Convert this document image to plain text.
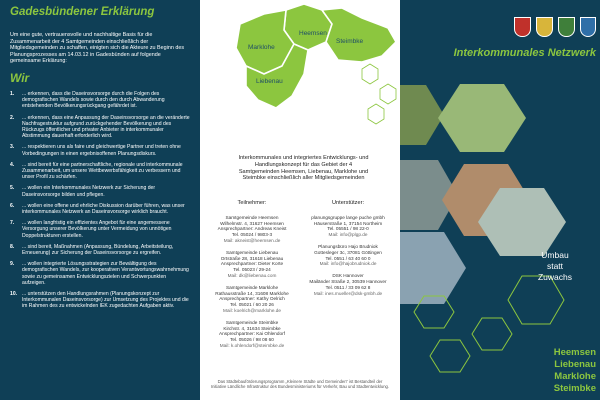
Gadesbündener Erklärung

Um eine gute, vertrauensvolle und nachhaltige Basis für die Zusammenarbeit der 4 Samtgemeinden einschließlich der Mitgliedsgemeinden zu schaffen, einigten sich die Akteure zu Beginn des Planungsprozesses am 14.03.12 in Gadesbünden auf folgende gemeinsame Erklärung:

Wir
1.	... erkennen, dass die Daseinsvorsorge durch die Folgen des demografischen Wandels sowie durch den durch Abwanderung entstehenden Bevölkerungsrückgang gefährdet ist.
2.	... erkennen, dass eine Anpassung der Daseinsvorsorge an die veränderte Nachfragestruktur aufgrund zurückgehender Bevölkerung und des Rückzugs öffentlicher und privater Anbieter in interkommunaler Abstimmung dauerhaft erforderlich wird.
3.	... respektieren uns als faire und gleichwertige Partner und treten ohne Vorbedingungen in einen ergebnisoffenen Planungsdiskurs.
4.	... sind bereit für eine partnerschaftliche, regionale und interkommunale Zusammenarbeit, um unsere Wettbewerbsfähigkeit zu verbessern und unser Profil zu schärfen.
5.	... wollen ein Interkommunales Netzwerk zur Sicherung der Daseinsvorsorge bilden und pflegen.
6.	... wollen eine offene und ehrliche Diskussion darüber führen, was unser interkommunales Netzwerk an Daseinsvorsorge wirklich braucht.
7.	... wollen langfristig ein effizientes Angebot für eine angemessene Versorgung unserer Bevölkerung unter Vermeidung von unnötigen Doppelstrukturen erstellen.
8.	... sind bereit, Maßnahmen (Anpassung, Bündelung, Arbeitsteilung, Erneuerung) zur Sicherung der Daseinsvorsorge zu ergreifen.
9.	... wollen integrierte Lösungsstrategien zur Bewältigung des demografischen Wandels, zur kooperativen Verantwortungswahrnehmung sowie zu gemeinsamen Entwicklungszielen und Schwerpunkten aufzeigen.
10. ... unterstützen den Handlungsrahmen (Planungskonzept zur Interkommunalen Daseinsvorsorge) zur Umsetzung des Projektes und die im Rahmen des zu entwickelnden IEK zugedachten Aufgaben aktiv.
Heemsen
Marklohe
Steimbke
Liebenau

Interkommunales und integriertes Entwicklungs- und Handlungskonzept für das Gebiet der 4 Samtgemeinden Heemsen, Liebenau, Marklohe und Steimbke einschließlich aller Mitgliedsgemeinden

Teilnehmer:
Samtgemeinde Heemsen
Wilhelmstr. 4, 31627 Heemsen
Ansprechpartner: Andreas Kneist
Tel. 05024 / 9803-3
Mail: akneist@heemsen.de
Samtgemeinde Liebenau
Ortstraße 28, 31618 Liebenau
Ansprechpartner: Dieter Korte
Tel. 05023 / 29-24
Mail: dk@liebenau.com
Samtgemeinde Marklohe
Rathausstraße 14, 31608 Marklohe
Ansprechpartner: Kathy Oelrich
Tel. 05021 / 60 20 26
Mail: koelrich@marklohe.de
Samtgemeinde Steimbke
Kirchstr. 4, 31634 Steimbke
Ansprechpartner: Kai Ohlendorf
Tel. 05026 / 98 08 60
Mail: k.ohlendorf@steimbke.de
Unterstützer:
planungsgruppe lange puche gmbh
Häuserstraße 1, 37154 Northeim
Tel. 05551 / 98 22-0
Mail: info@plgp.de
Planungsbüro Hajo Brudniok
Gottesleger 3c, 37081 Göttingen
Tel. 0551 / 63 40 60 0
Mail: info@hajobrudniok.de
DSK Hannover
Mailänder Straße 2, 30539 Hannover
Tel. 0511 / 33 09 62 8
Mail: ines.mueller@dsk-gmbh.de

Das Städtebauförderungsprogramm „Kleinere Städte und Gemeinden“ ist Bestandteil der Initiative Ländliche Infrastruktur des Bundesministeriums für Verkehr, Bau und Stadtentwicklung.

Interkommunales Netzwerk
Umbau
statt
Zuwachs
Heemsen
Liebenau
Marklohe
Steimbke
